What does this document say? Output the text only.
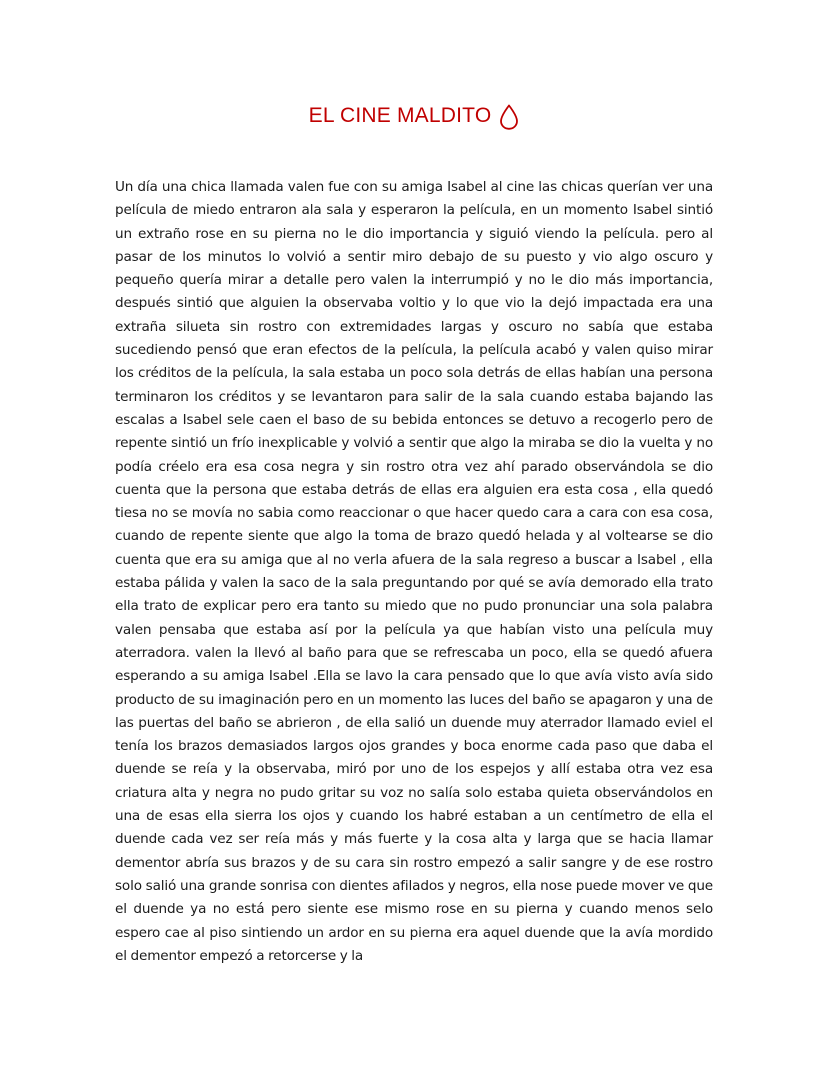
EL CINE MALDITO

Un día una chica llamada valen fue con su amiga Isabel al cine las chicas querían ver una película de miedo entraron ala sala y esperaron la película, en un momento Isabel sintió un extraño rose en su pierna no le dio importancia y siguió viendo la película. pero al pasar de los minutos lo volvió a sentir miro debajo de su puesto y vio algo oscuro y pequeño quería mirar a detalle pero valen la interrumpió y no le dio más importancia, después sintió que alguien la observaba voltio y lo que vio la dejó impactada era una extraña silueta sin rostro con extremidades largas y oscuro no sabía que estaba sucediendo pensó que eran efectos de la película, la película acabó y valen quiso mirar los créditos de la película, la sala estaba un poco sola detrás de ellas habían una persona terminaron los créditos y se levantaron para salir de la sala cuando estaba bajando las escalas a Isabel sele caen el baso de su bebida entonces se detuvo a recogerlo pero de repente sintió un frío inexplicable y volvió a sentir que algo la miraba se dio la vuelta y no podía créelo era esa cosa negra y sin rostro otra vez ahí parado observándola se dio cuenta que la persona que estaba detrás de ellas era alguien era esta cosa , ella quedó tiesa no se movía no sabia como reaccionar o que hacer quedo cara a cara con esa cosa, cuando de repente siente que algo la toma de brazo quedó helada y al voltearse se dio cuenta que era su amiga que al no verla afuera de la sala regreso a buscar a Isabel , ella estaba pálida y valen la saco de la sala preguntando por qué se avía demorado ella trato ella trato de explicar pero era tanto su miedo que no pudo pronunciar una sola palabra valen pensaba que estaba así por la película ya que habían visto una película muy aterradora. valen la llevó al baño para que se refrescaba un poco, ella se quedó afuera esperando a su amiga Isabel .Ella se lavo la cara pensado que lo que avía visto avía sido producto de su imaginación pero en un momento las luces del baño se apagaron y una de las puertas del baño se abrieron , de ella salió un duende muy aterrador llamado eviel el tenía los brazos demasiados largos ojos grandes y boca enorme cada paso que daba el duende se reía y la observaba, miró por uno de los espejos y allí estaba otra vez esa criatura alta y negra no pudo gritar su voz no salía solo estaba quieta observándolos en una de esas ella sierra los ojos y cuando los habré estaban a un centímetro de ella el duende cada vez ser reía más y más fuerte y la cosa alta y larga que se hacia llamar dementor abría sus brazos y de su cara sin rostro empezó a salir sangre y de ese rostro solo salió una grande sonrisa con dientes afilados y negros, ella nose puede mover ve que el duende ya no está pero siente ese mismo rose en su pierna y cuando menos selo espero cae al piso sintiendo un ardor en su pierna era aquel duende que la avía mordido el dementor empezó a retorcerse y la
